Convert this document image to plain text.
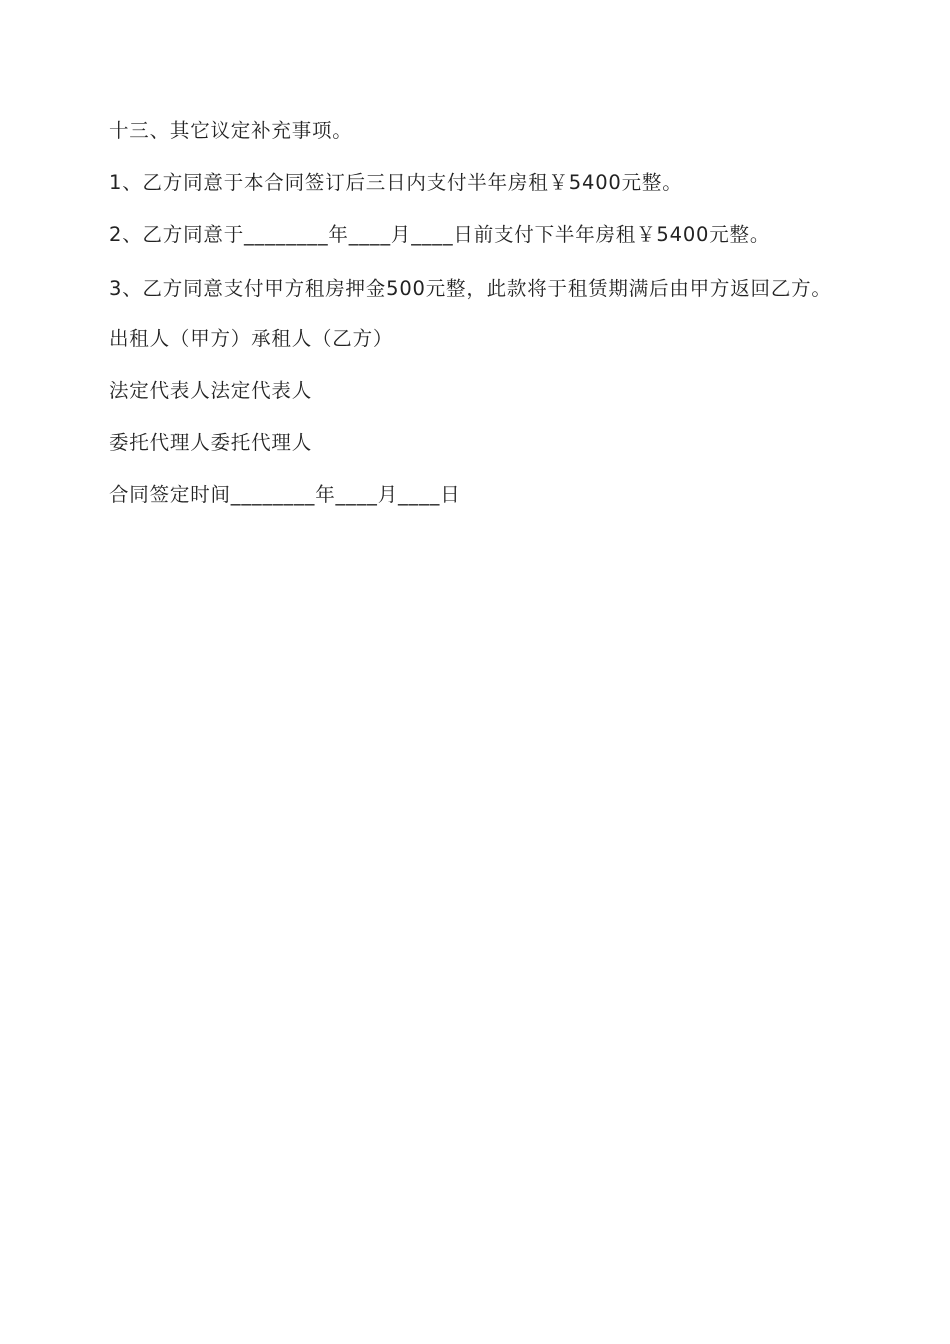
十三、其它议定补充事项。

1、乙方同意于本合同签订后三日内支付半年房租￥5400元整。

2、乙方同意于________年____月____日前支付下半年房租￥5400元整。

3、乙方同意支付甲方租房押金500元整，此款将于租赁期满后由甲方返回乙方。

出租人（甲方）承租人（乙方）

法定代表人法定代表人

委托代理人委托代理人

合同签定时间________年____月____日
